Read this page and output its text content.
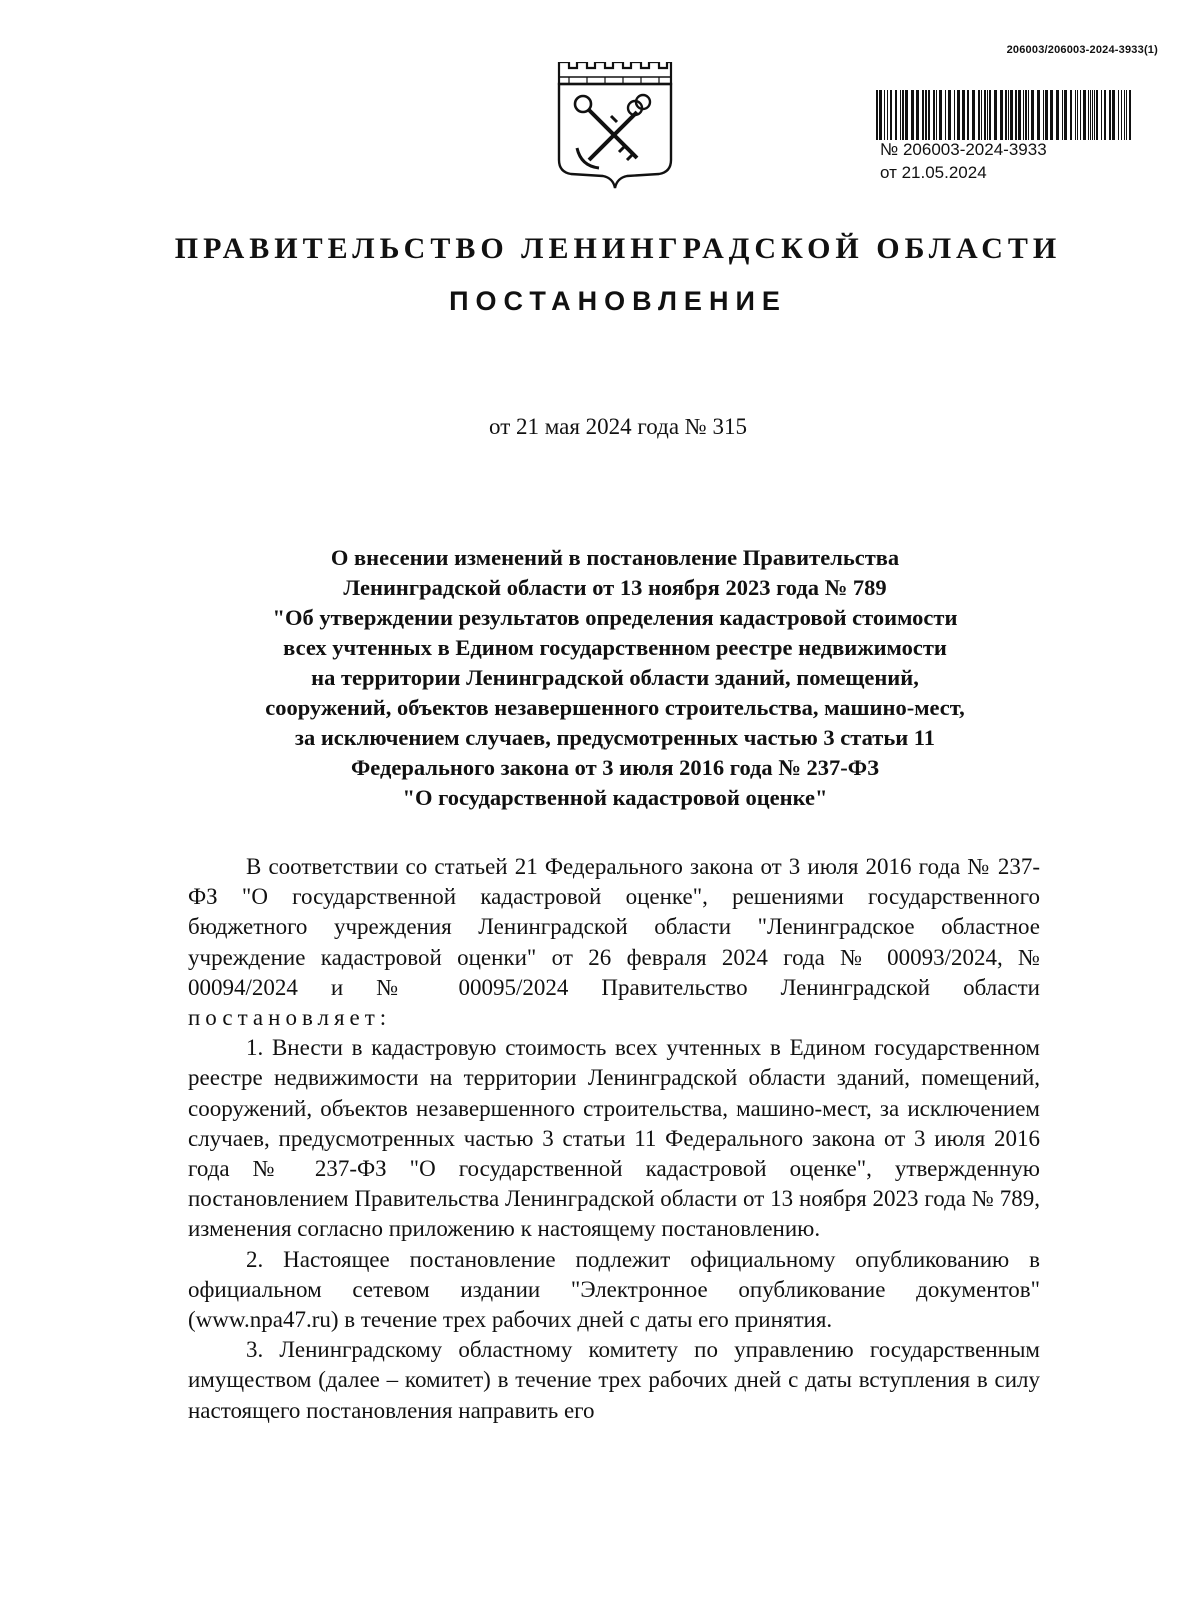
206003/206003-2024-3933(1)
№ 206003-2024-3933
от 21.05.2024
ПРАВИТЕЛЬСТВО ЛЕНИНГРАДСКОЙ ОБЛАСТИ
ПОСТАНОВЛЕНИЕ
от 21 мая 2024 года № 315
О внесении изменений в постановление Правительства
Ленинградской области от 13 ноября 2023 года № 789
"Об утверждении результатов определения кадастровой стоимости
всех учтенных в Едином государственном реестре недвижимости
на территории Ленинградской области зданий, помещений,
сооружений, объектов незавершенного строительства, машино-мест,
за исключением случаев, предусмотренных частью 3 статьи 11
Федерального закона от 3 июля 2016 года № 237-ФЗ
"О государственной кадастровой оценке"

В соответствии со статьей 21 Федерального закона от 3 июля 2016 года № 237-ФЗ "О государственной кадастровой оценке", решениями государственного бюджетного учреждения Ленинградской области "Ленинградское областное учреждение кадастровой оценки" от 26 февраля 2024 года № 00093/2024, № 00094/2024 и № 00095/2024 Правительство Ленинградской области постановляет:

1. Внести в кадастровую стоимость всех учтенных в Едином государственном реестре недвижимости на территории Ленинградской области зданий, помещений, сооружений, объектов незавершенного строительства, машино-мест, за исключением случаев, предусмотренных частью 3 статьи 11 Федерального закона от 3 июля 2016 года № 237-ФЗ "О государственной кадастровой оценке", утвержденную постановлением Правительства Ленинградской области от 13 ноября 2023 года № 789, изменения согласно приложению к настоящему постановлению.

2. Настоящее постановление подлежит официальному опубликованию в официальном сетевом издании "Электронное опубликование документов" (www.npa47.ru) в течение трех рабочих дней с даты его принятия.

3. Ленинградскому областному комитету по управлению государственным имуществом (далее – комитет) в течение трех рабочих дней с даты вступления в силу настоящего постановления направить его
